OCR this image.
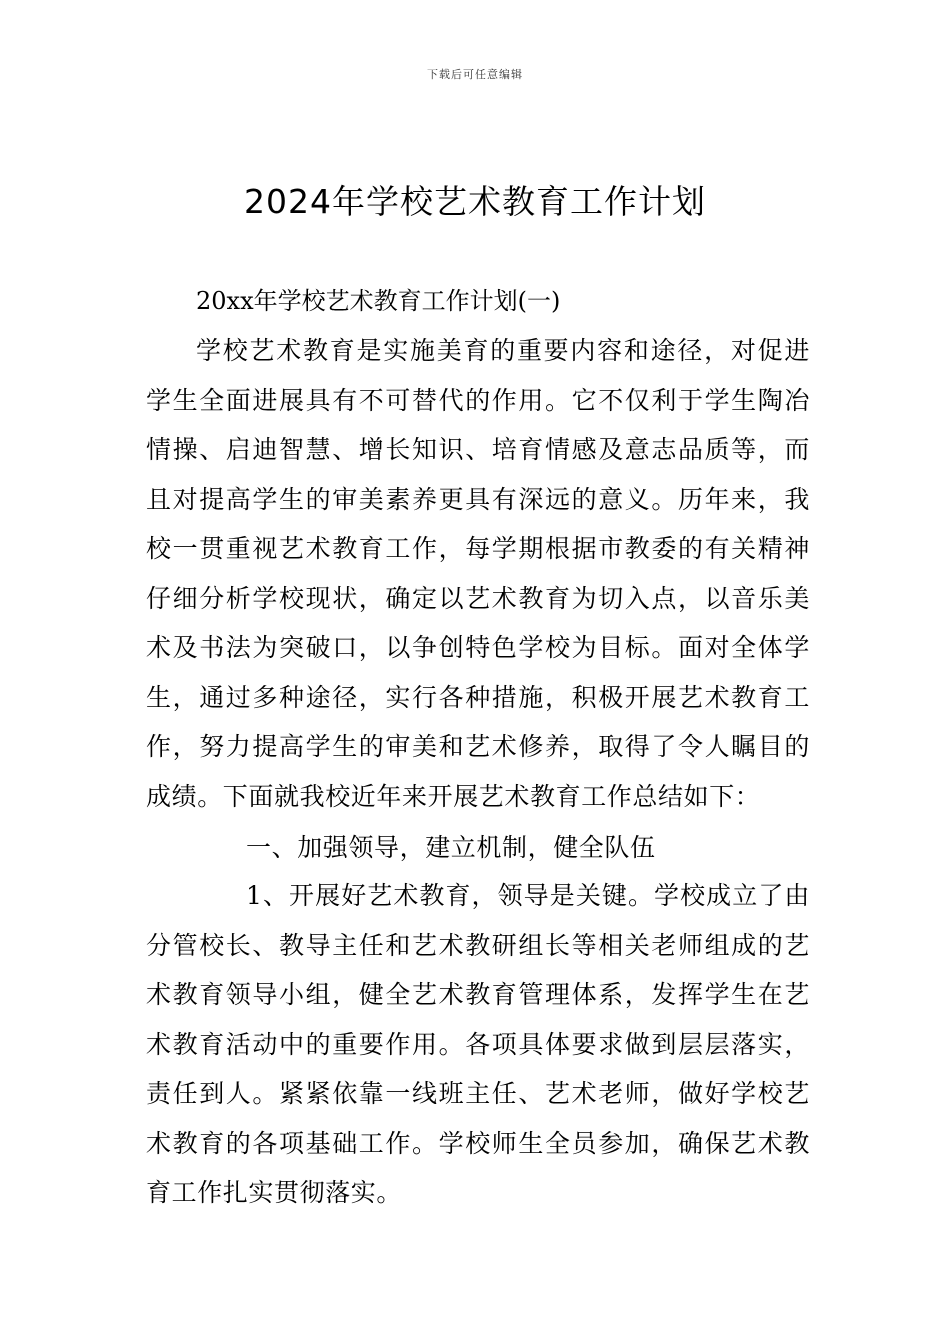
下载后可任意编辑
2024年学校艺术教育工作计划

20xx年学校艺术教育工作计划(一)

学校艺术教育是实施美育的重要内容和途径，对促进学生全面进展具有不可替代的作用。它不仅利于学生陶冶情操、启迪智慧、增长知识、培育情感及意志品质等，而且对提高学生的审美素养更具有深远的意义。历年来，我校一贯重视艺术教育工作，每学期根据市教委的有关精神仔细分析学校现状，确定以艺术教育为切入点，以音乐美术及书法为突破口，以争创特色学校为目标。面对全体学生，通过多种途径，实行各种措施，积极开展艺术教育工作，努力提高学生的审美和艺术修养，取得了令人瞩目的成绩。下面就我校近年来开展艺术教育工作总结如下：

一、加强领导，建立机制，健全队伍

1、开展好艺术教育，领导是关键。学校成立了由分管校长、教导主任和艺术教研组长等相关老师组成的艺术教育领导小组，健全艺术教育管理体系，发挥学生在艺术教育活动中的重要作用。各项具体要求做到层层落实，责任到人。紧紧依靠一线班主任、艺术老师，做好学校艺术教育的各项基础工作。学校师生全员参加，确保艺术教育工作扎实贯彻落实。
